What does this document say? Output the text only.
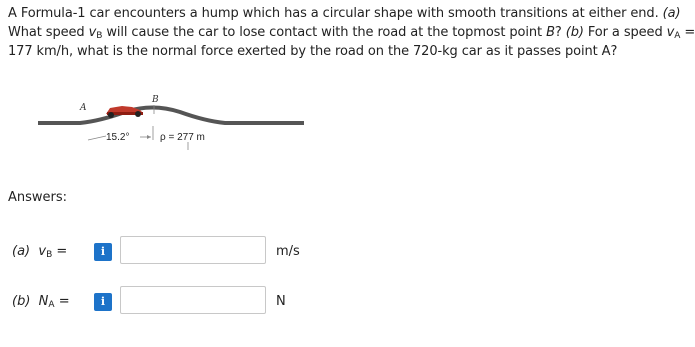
A Formula-1 car encounters a hump which has a circular shape with smooth transitions at either end. (a)
What speed $v_B$ will cause the car to lose contact with the road at the topmost point B? (b) For a speed $v_A$ =
177 km/h, what is the normal force exerted by the road on the 720-kg car as it passes point A?
A
B
15.2°	ρ = 277 m
Answers:
(a) $v_B$ =	i	m/s
(b) $N_A$ =	i	N
